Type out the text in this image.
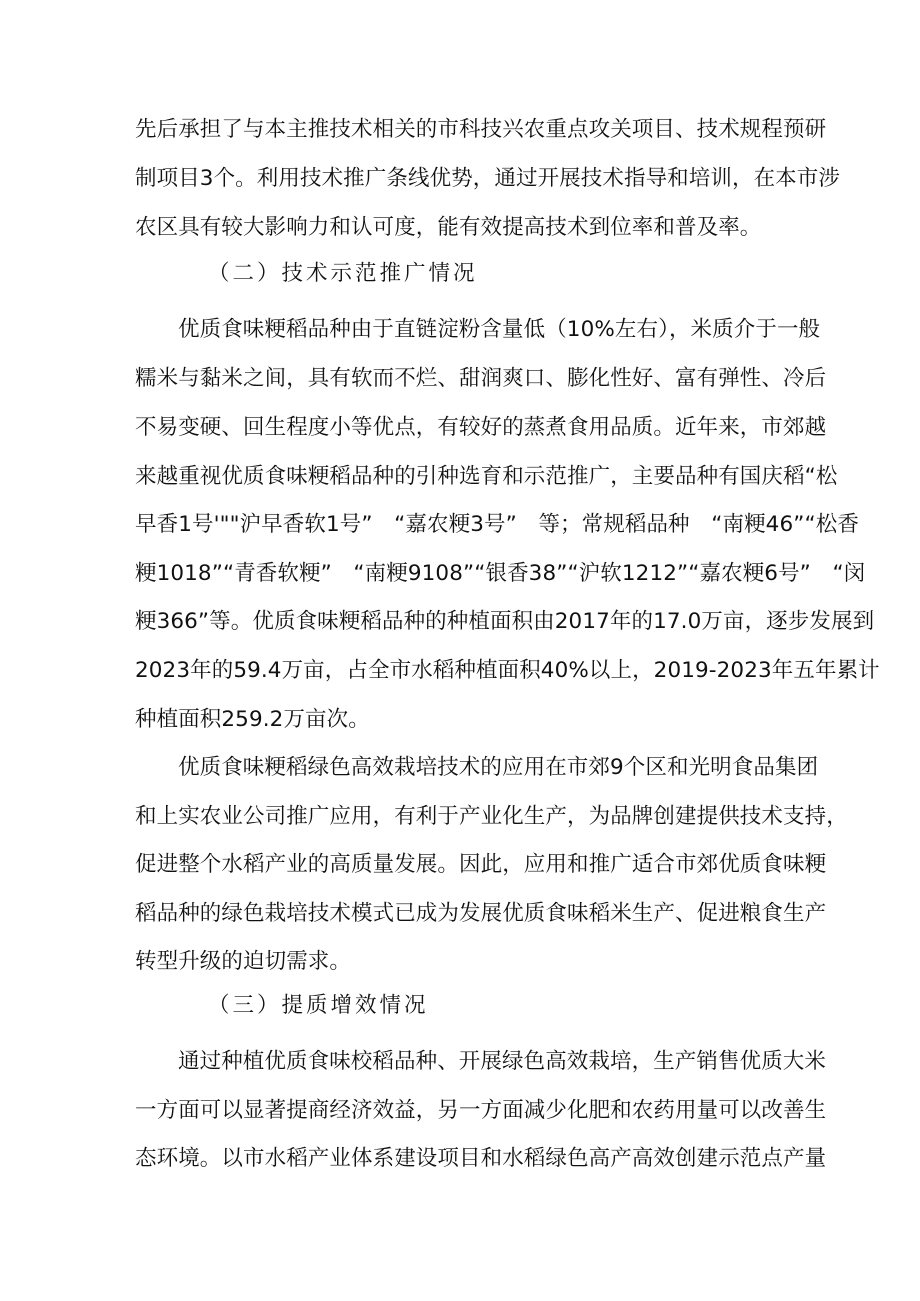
先后承担了与本主推技术相关的市科技兴农重点攻关项目、技术规程预研
制项目3个。利用技术推广条线优势，通过开展技术指导和培训，在本市涉
农区具有较大影响力和认可度，能有效提高技术到位率和普及率。
（二）技术示范推广情况
优质食味粳稻品种由于直链淀粉含量低（10%左右），米质介于一般
糯米与黏米之间，具有软而不烂、甜润爽口、膨化性好、富有弹性、冷后
不易变硬、回生程度小等优点，有较好的蒸煮食用品质。近年来，市郊越
来越重视优质食味粳稻品种的引种选育和示范推广，主要品种有国庆稻“松
早香1号'""沪早香软1号”　“嘉农粳3号”　等；常规稻品种　“南粳46”“松香
粳1018”“青香软粳”　“南粳9108”“银香38”“沪软1212”“嘉农粳6号”　“闵
粳366”等。优质食味粳稻品种的种植面积由2017年的17.0万亩，逐步发展到
2023年的59.4万亩，占全市水稻种植面积40%以上，2019-2023年五年累计
种植面积259.2万亩次。
优质食味粳稻绿色高效栽培技术的应用在市郊9个区和光明食品集团
和上实农业公司推广应用，有利于产业化生产，为品牌创建提供技术支持，
促进整个水稻产业的高质量发展。因此，应用和推广适合市郊优质食味粳
稻品种的绿色栽培技术模式已成为发展优质食味稻米生产、促进粮食生产
转型升级的迫切需求。
（三）提质增效情况
通过种植优质食味校稻品种、开展绿色高效栽培，生产销售优质大米
一方面可以显著提商经济效益，另一方面减少化肥和农药用量可以改善生
态环境。以市水稻产业体系建设项目和水稻绿色高产高效创建示范点产量
